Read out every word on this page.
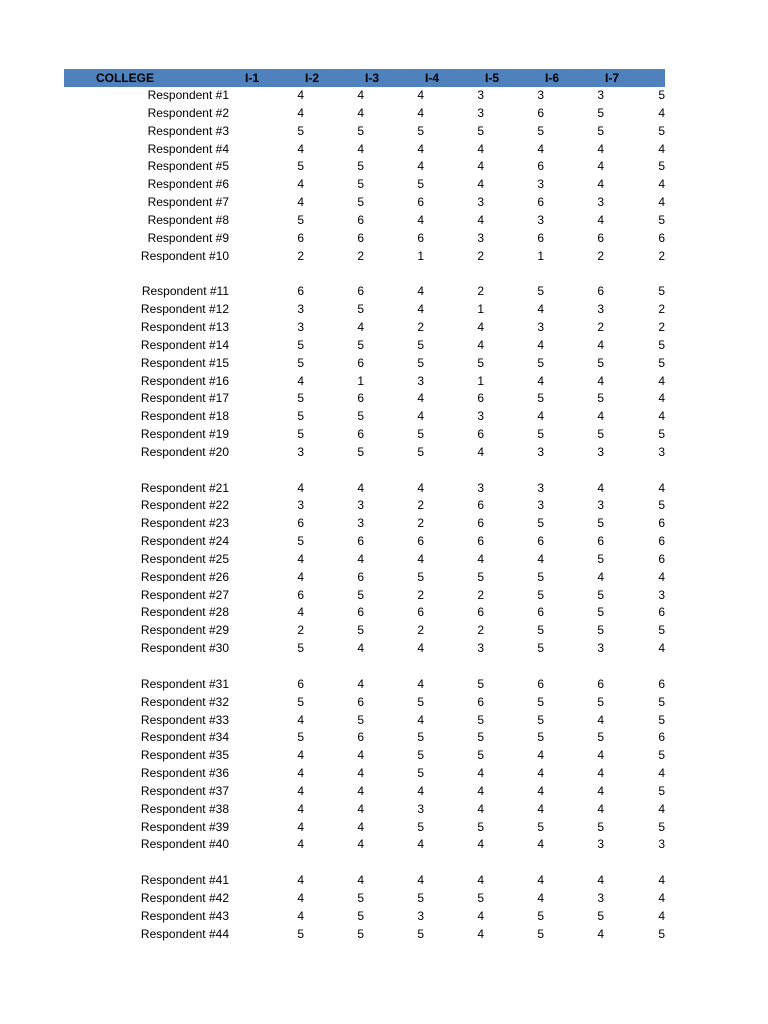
COLLEGE	I-1	I-2	I-3	I-4	I-5	I-6	I-7
Respondent #1	4	4	4	3	3	3	5
Respondent #2	4	4	4	3	6	5	4
Respondent #3	5	5	5	5	5	5	5
Respondent #4	4	4	4	4	4	4	4
Respondent #5	5	5	4	4	6	4	5
Respondent #6	4	5	5	4	3	4	4
Respondent #7	4	5	6	3	6	3	4
Respondent #8	5	6	4	4	3	4	5
Respondent #9	6	6	6	3	6	6	6
Respondent #10	2	2	1	2	1	2	2
Respondent #11	6	6	4	2	5	6	5
Respondent #12	3	5	4	1	4	3	2
Respondent #13	3	4	2	4	3	2	2
Respondent #14	5	5	5	4	4	4	5
Respondent #15	5	6	5	5	5	5	5
Respondent #16	4	1	3	1	4	4	4
Respondent #17	5	6	4	6	5	5	4
Respondent #18	5	5	4	3	4	4	4
Respondent #19	5	6	5	6	5	5	5
Respondent #20	3	5	5	4	3	3	3
Respondent #21	4	4	4	3	3	4	4
Respondent #22	3	3	2	6	3	3	5
Respondent #23	6	3	2	6	5	5	6
Respondent #24	5	6	6	6	6	6	6
Respondent #25	4	4	4	4	4	5	6
Respondent #26	4	6	5	5	5	4	4
Respondent #27	6	5	2	2	5	5	3
Respondent #28	4	6	6	6	6	5	6
Respondent #29	2	5	2	2	5	5	5
Respondent #30	5	4	4	3	5	3	4
Respondent #31	6	4	4	5	6	6	6
Respondent #32	5	6	5	6	5	5	5
Respondent #33	4	5	4	5	5	4	5
Respondent #34	5	6	5	5	5	5	6
Respondent #35	4	4	5	5	4	4	5
Respondent #36	4	4	5	4	4	4	4
Respondent #37	4	4	4	4	4	4	5
Respondent #38	4	4	3	4	4	4	4
Respondent #39	4	4	5	5	5	5	5
Respondent #40	4	4	4	4	4	3	3
Respondent #41	4	4	4	4	4	4	4
Respondent #42	4	5	5	5	4	3	4
Respondent #43	4	5	3	4	5	5	4
Respondent #44	5	5	5	4	5	4	5
